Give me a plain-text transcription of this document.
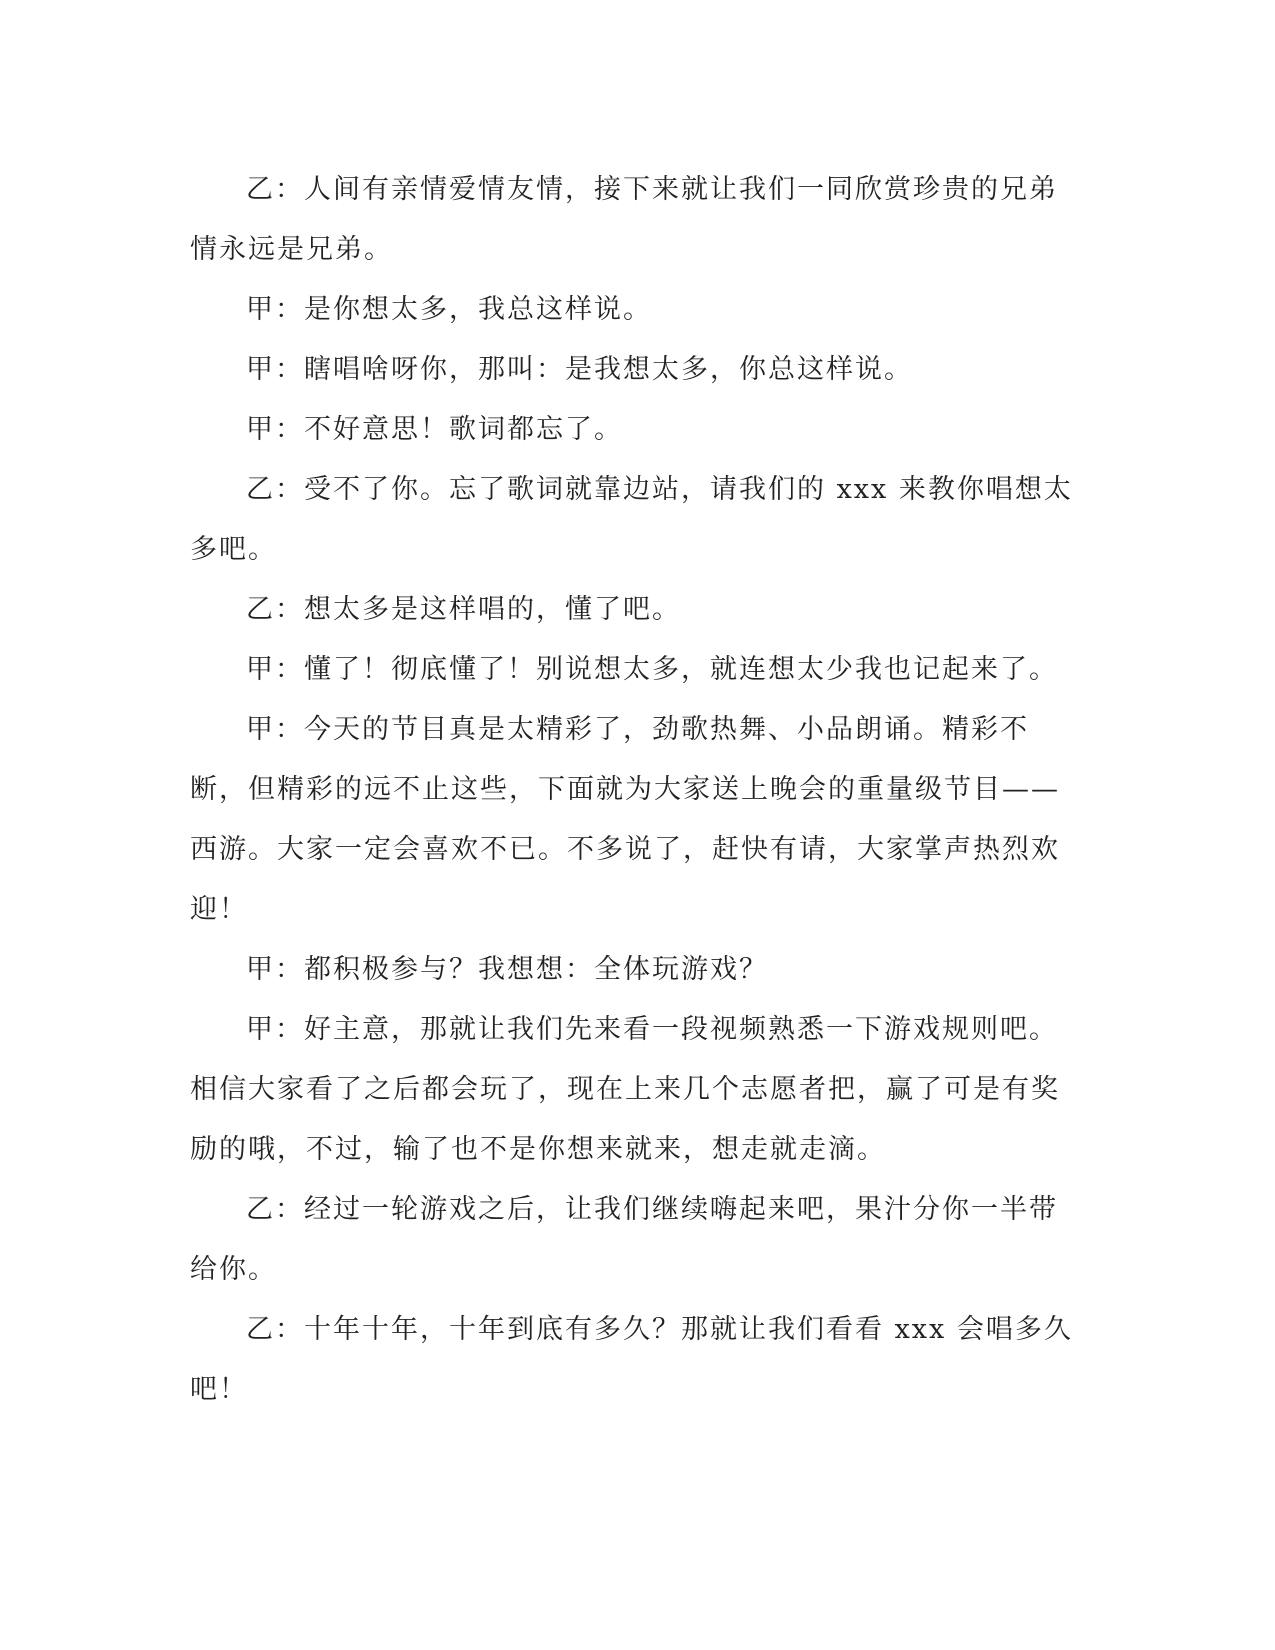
乙：人间有亲情爱情友情，接下来就让我们一同欣赏珍贵的兄弟情永远是兄弟。

甲：是你想太多，我总这样说。

甲：瞎唱啥呀你，那叫：是我想太多，你总这样说。

甲：不好意思！歌词都忘了。

乙：受不了你。忘了歌词就靠边站，请我们的 xxx 来教你唱想太多吧。

乙：想太多是这样唱的，懂了吧。

甲：懂了！彻底懂了！别说想太多，就连想太少我也记起来了。

甲：今天的节目真是太精彩了，劲歌热舞、小品朗诵。精彩不断，但精彩的远不止这些，下面就为大家送上晚会的重量级节目——西游。大家一定会喜欢不已。不多说了，赶快有请，大家掌声热烈欢迎！

甲：都积极参与？我想想：全体玩游戏？

甲：好主意，那就让我们先来看一段视频熟悉一下游戏规则吧。相信大家看了之后都会玩了，现在上来几个志愿者把，赢了可是有奖励的哦，不过，输了也不是你想来就来，想走就走滴。

乙：经过一轮游戏之后，让我们继续嗨起来吧，果汁分你一半带给你。

乙：十年十年，十年到底有多久？那就让我们看看 xxx 会唱多久吧！
